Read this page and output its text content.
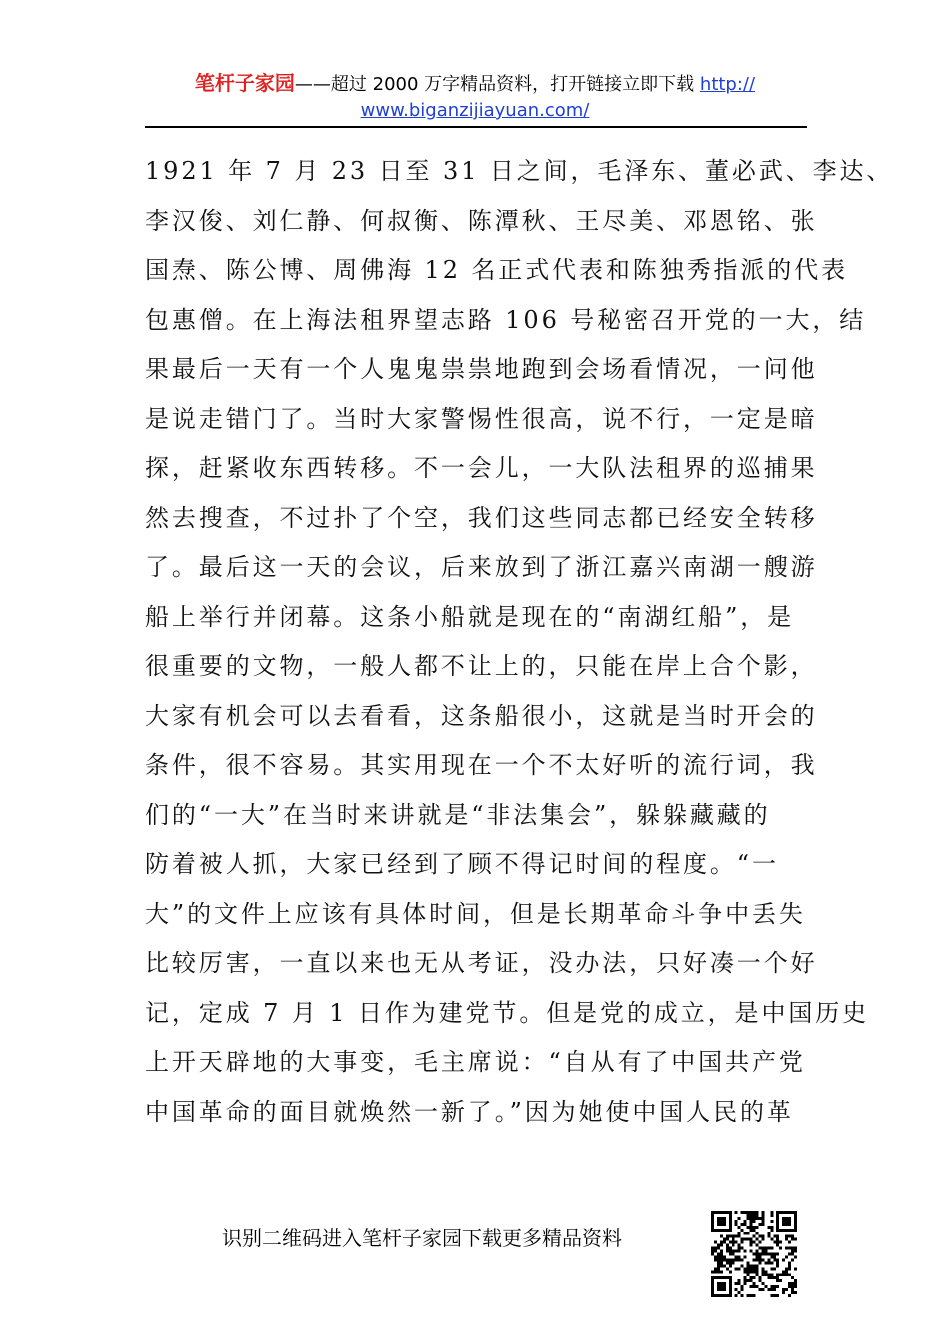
笔杆子家园——超过 2000 万字精品资料，打开链接立即下载 http://
www.biganzijiayuan.com/

1921 年 7 月 23 日至 31 日之间，毛泽东、董必武、李达、

李汉俊、刘仁静、何叔衡、陈潭秋、王尽美、邓恩铭、张

国焘、陈公博、周佛海 12 名正式代表和陈独秀指派的代表

包惠僧。在上海法租界望志路 106 号秘密召开党的一大，结

果最后一天有一个人鬼鬼祟祟地跑到会场看情况，一问他

是说走错门了。当时大家警惕性很高，说不行，一定是暗

探，赶紧收东西转移。不一会儿，一大队法租界的巡捕果

然去搜查，不过扑了个空，我们这些同志都已经安全转移

了。最后这一天的会议，后来放到了浙江嘉兴南湖一艘游

船上举行并闭幕。这条小船就是现在的“南湖红船”，是

很重要的文物，一般人都不让上的，只能在岸上合个影，

大家有机会可以去看看，这条船很小，这就是当时开会的

条件，很不容易。其实用现在一个不太好听的流行词，我

们的“一大”在当时来讲就是“非法集会”，躲躲藏藏的

防着被人抓，大家已经到了顾不得记时间的程度。“一

大”的文件上应该有具体时间，但是长期革命斗争中丢失

比较厉害，一直以来也无从考证，没办法，只好凑一个好

记，定成 7 月 1 日作为建党节。但是党的成立，是中国历史

上开天辟地的大事变，毛主席说：“自从有了中国共产党

中国革命的面目就焕然一新了。”因为她使中国人民的革

识别二维码进入笔杆子家园下载更多精品资料
